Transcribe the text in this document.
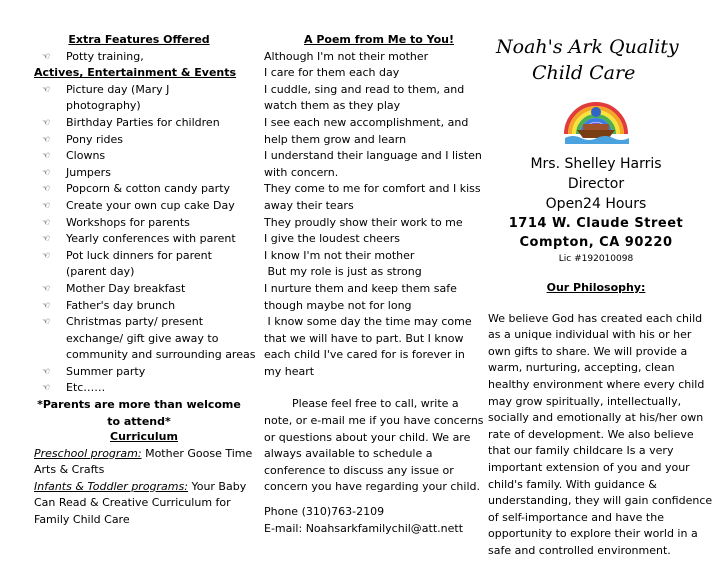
Extra Features Offered

☜	Potty training,

Actives, Entertainment & Events

☜	Picture day (Mary J
photography)
☜	Birthday Parties for children
☜	Pony rides
☜	Clowns
☜	Jumpers
☜	Popcorn & cotton candy party
☜	Create your own cup cake Day
☜	Workshops for parents
☜	Yearly conferences with parent
☜	Pot luck dinners for parent
(parent day)
☜	Mother Day breakfast
☜	Father's day brunch
☜	Christmas party/ present
exchange/ gift give away to
community and surrounding areas
☜	Summer party
☜	Etc……

*Parents are more than welcome

to attend*

Curriculum

Preschool program: Mother Goose Time

Arts & Crafts

Infants & Toddler programs: Your Baby

Can Read & Creative Curriculum for

Family Child Care

A Poem from Me to You!

Although I'm not their mother
I care for them each day
I cuddle, sing and read to them, and
watch them as they play
I see each new accomplishment, and
help them grow and learn
I understand their language and I listen
with concern.
They come to me for comfort and I kiss
away their tears
They proudly show their work to me
I give the loudest cheers
I know I'm not their mother
But my role is just as strong
I nurture them and keep them safe
though maybe not for long
I know some day the time may come
that we will have to part. But I know
each child I've cared for is forever in
my heart
Please feel free to call, write a
note, or e-mail me if you have concerns
or questions about your child. We are
always available to schedule a
conference to discuss any issue or
concern you have regarding your child.

Phone (310)763-2109

E-mail: Noahsarkfamilychil@att.nett

Noah's Ark Quality

Child Care

Mrs. Shelley Harris

Director

Open24 Hours

1714 W. Claude Street

Compton, CA 90220

Lic #192010098

Our Philosophy:

We believe God has created each child
as a unique individual with his or her
own gifts to share. We will provide a
warm, nurturing, accepting, clean
healthy environment where every child
may grow spiritually, intellectually,
socially and emotionally at his/her own
rate of development. We also believe
that our family childcare Is a very
important extension of you and your
child's family. With guidance &
understanding, they will gain confidence
of self-importance and have the
opportunity to explore their world in a
safe and controlled environment.
